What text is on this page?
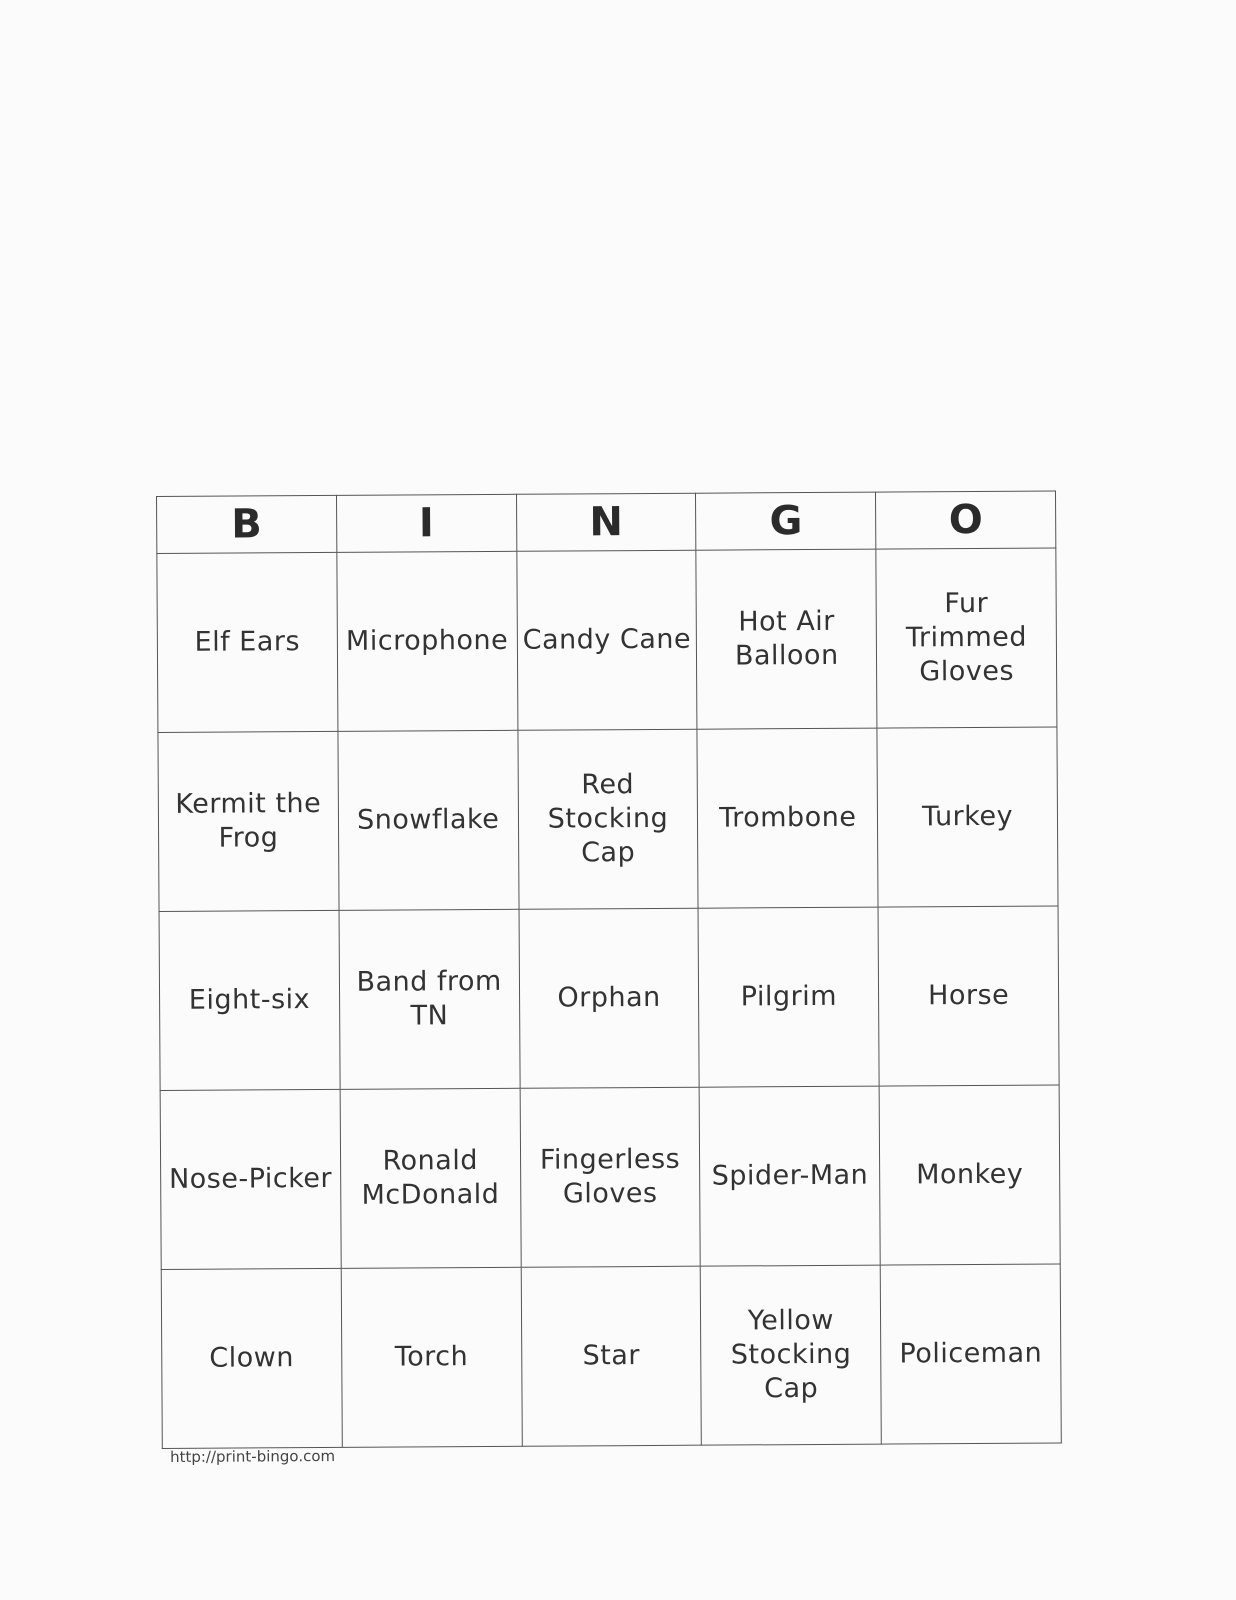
B	I	N	G	O
Elf Ears	Microphone	Candy Cane	Hot Air Balloon	Fur Trimmed Gloves
Kermit the Frog	Snowflake	Red Stocking Cap	Trombone	Turkey
Eight-six	Band from TN	Orphan	Pilgrim	Horse
Nose-Picker	Ronald McDonald	Fingerless Gloves	Spider-Man	Monkey
Clown	Torch	Star	Yellow Stocking Cap	Policeman
http://print-bingo.com
